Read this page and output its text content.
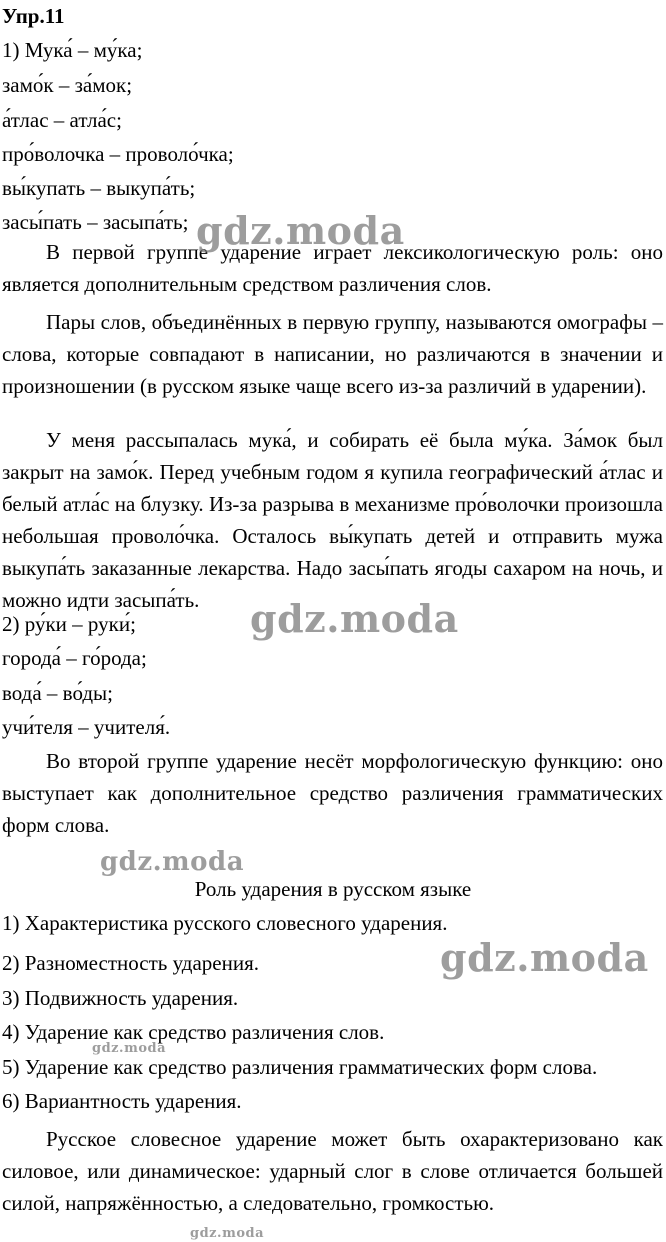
Упр.11
1) Мука́ – му́ка;
замо́к – за́мок;
а́тлас – атла́с;
про́волочка – проволо́чка;
вы́купать – выкупа́ть;
засы́пать – засыпа́ть;

В первой группе ударение играет лексикологическую роль: оно является дополнительным средством различения слов.

Пары слов, объединённых в первую группу, называются омографы – слова, которые совпадают в написании, но различаются в значении и произношении (в русском языке чаще всего из-за различий в ударении).

У меня рассыпалась мука́, и собирать её была му́ка. За́мок был закрыт на замо́к. Перед учебным годом я купила географический а́тлас и белый атла́с на блузку. Из-за разрыва в механизме про́волочки произошла небольшая проволо́чка. Осталось вы́купать детей и отправить мужа выкупа́ть заказанные лекарства. Надо засы́пать ягоды сахаром на ночь, и можно идти засыпа́ть.

2) ру́ки – руки́;
города́ – го́рода;
вода́ – во́ды;
учи́теля – учителя́.

Во второй группе ударение несёт морфологическую функцию: оно выступает как дополнительное средство различения грамматических форм слова.

Роль ударения в русском языке
1) Характеристика русского словесного ударения.
2) Разноместность ударения.
3) Подвижность ударения.
4) Ударение как средство различения слов.
5) Ударение как средство различения грамматических форм слова.
6) Вариантность ударения.

Русское словесное ударение может быть охарактеризовано как силовое, или динамическое: ударный слог в слове отличается большей силой, напряжённостью, а следовательно, громкостью.

gdz.moda
gdz.moda
gdz.moda
gdz.moda
gdz.moda
gdz.moda
